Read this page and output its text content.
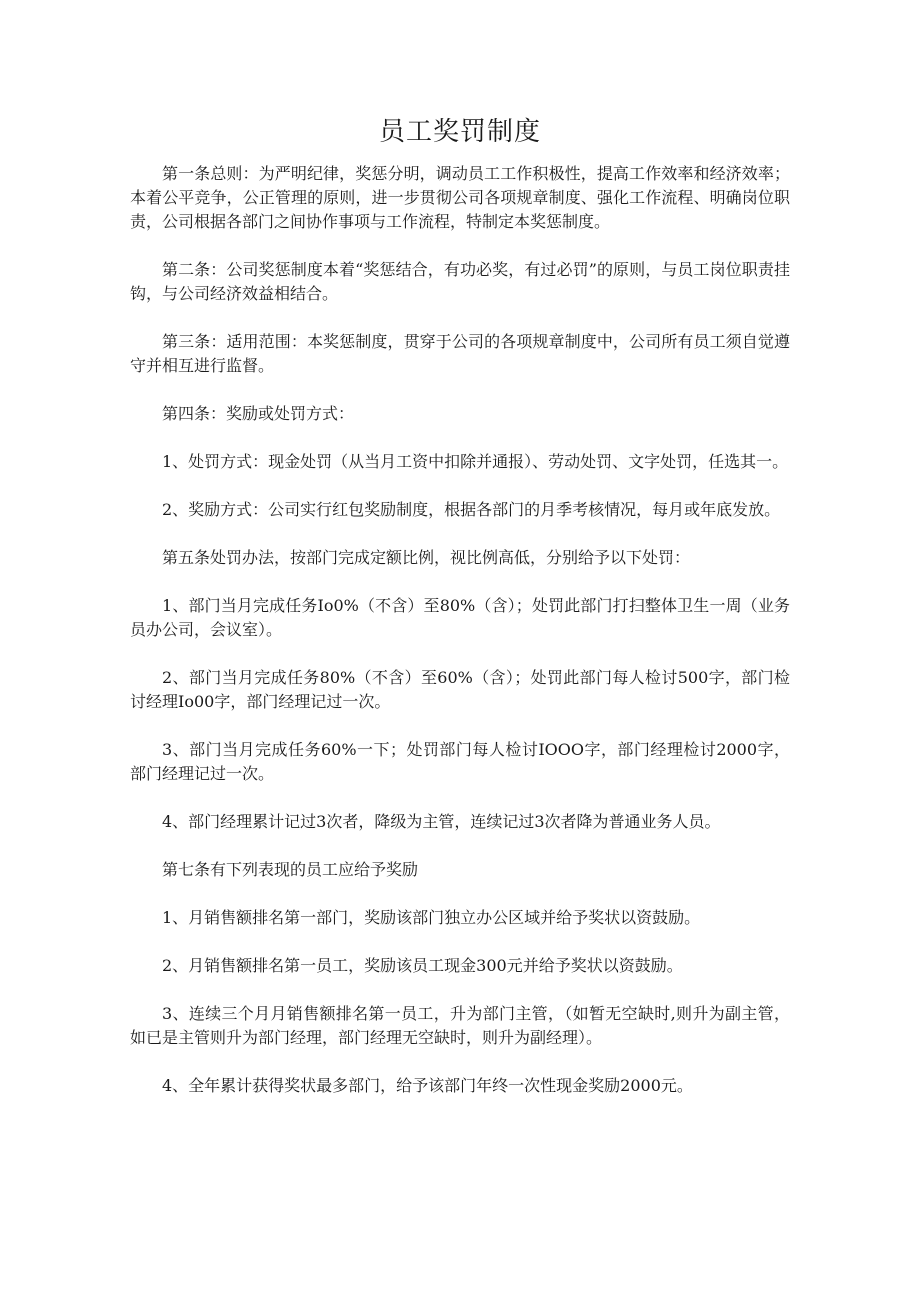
员工奖罚制度

第一条总则：为严明纪律，奖惩分明，调动员工工作积极性，提高工作效率和经济效率；本着公平竞争，公正管理的原则，进一步贯彻公司各项规章制度、强化工作流程、明确岗位职责，公司根据各部门之间协作事项与工作流程，特制定本奖惩制度。

第二条：公司奖惩制度本着“奖惩结合，有功必奖，有过必罚”的原则，与员工岗位职责挂钩，与公司经济效益相结合。

第三条：适用范围：本奖惩制度，贯穿于公司的各项规章制度中，公司所有员工须自觉遵守并相互进行监督。

第四条：奖励或处罚方式：

1、处罚方式：现金处罚（从当月工资中扣除并通报）、劳动处罚、文字处罚，任选其一。

2、奖励方式：公司实行红包奖励制度，根据各部门的月季考核情况，每月或年底发放。

第五条处罚办法，按部门完成定额比例，视比例高低，分别给予以下处罚：

1、部门当月完成任务Io0%（不含）至80%（含）；处罚此部门打扫整体卫生一周（业务员办公司，会议室）。

2、部门当月完成任务80%（不含）至60%（含）；处罚此部门每人检讨500字，部门检讨经理Io00字，部门经理记过一次。

3、部门当月完成任务60%一下；处罚部门每人检讨IOOO字，部门经理检讨2000字，部门经理记过一次。

4、部门经理累计记过3次者，降级为主管，连续记过3次者降为普通业务人员。

第七条有下列表现的员工应给予奖励

1、月销售额排名第一部门，奖励该部门独立办公区域并给予奖状以资鼓励。

2、月销售额排名第一员工，奖励该员工现金300元并给予奖状以资鼓励。

3、连续三个月月销售额排名第一员工，升为部门主管，（如暂无空缺时,则升为副主管，如已是主管则升为部门经理，部门经理无空缺时，则升为副经理）。

4、全年累计获得奖状最多部门，给予该部门年终一次性现金奖励2000元。
